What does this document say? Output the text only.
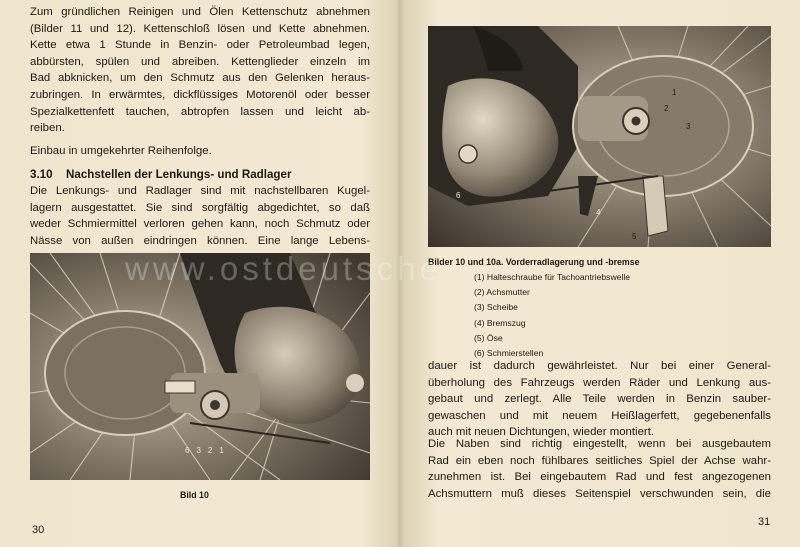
Zum gründlichen Reinigen und Ölen Kettenschutz abnehmen
(Bilder 11 und 12). Kettenschloß lösen und Kette abnehmen.
Kette etwa 1 Stunde in Benzin- oder Petroleumbad legen,
abbürsten, spülen und abreiben. Kettenglieder einzeln im
Bad abknicken, um den Schmutz aus den Gelenken heraus-
zubringen. In erwärmtes, dickflüssiges Motorenöl oder besser
Spezialkettenfett tauchen, abtropfen lassen und leicht ab-
reiben.
Einbau in umgekehrter Reihenfolge.
3.10 Nachstellen der Lenkungs- und Radlager
Die Lenkungs- und Radlager sind mit nachstellbaren Kugel-
lagern ausgestattet. Sie sind sorgfältig abgedichtet, so daß
weder Schmiermittel verloren gehen kann, noch Schmutz oder
Nässe von außen eindringen können. Eine lange Lebens-
6321
Bild 10
30
1
2
3
4
5
6
Bilder 10 und 10a. Vorderradlagerung und -bremse
(1) Halteschraube für Tachoantriebswelle
(2) Achsmutter
(3) Scheibe
(4) Bremszug
(5) Öse
(6) Schmierstellen
dauer ist dadurch gewährleistet. Nur bei einer General-
überholung des Fahrzeugs werden Räder und Lenkung aus-
gebaut und zerlegt. Alle Teile werden in Benzin sauber-
gewaschen und mit neuem Heißlagerfett, gegebenenfalls
auch mit neuen Dichtungen, wieder montiert.
Die Naben sind richtig eingestellt, wenn bei ausgebautem
Rad ein eben noch fühlbares seitliches Spiel der Achse wahr-
zunehmen ist. Bei eingebautem Rad und fest angezogenen
Achsmuttern muß dieses Seitenspiel verschwunden sein, die
31
www.ostdeutsche
